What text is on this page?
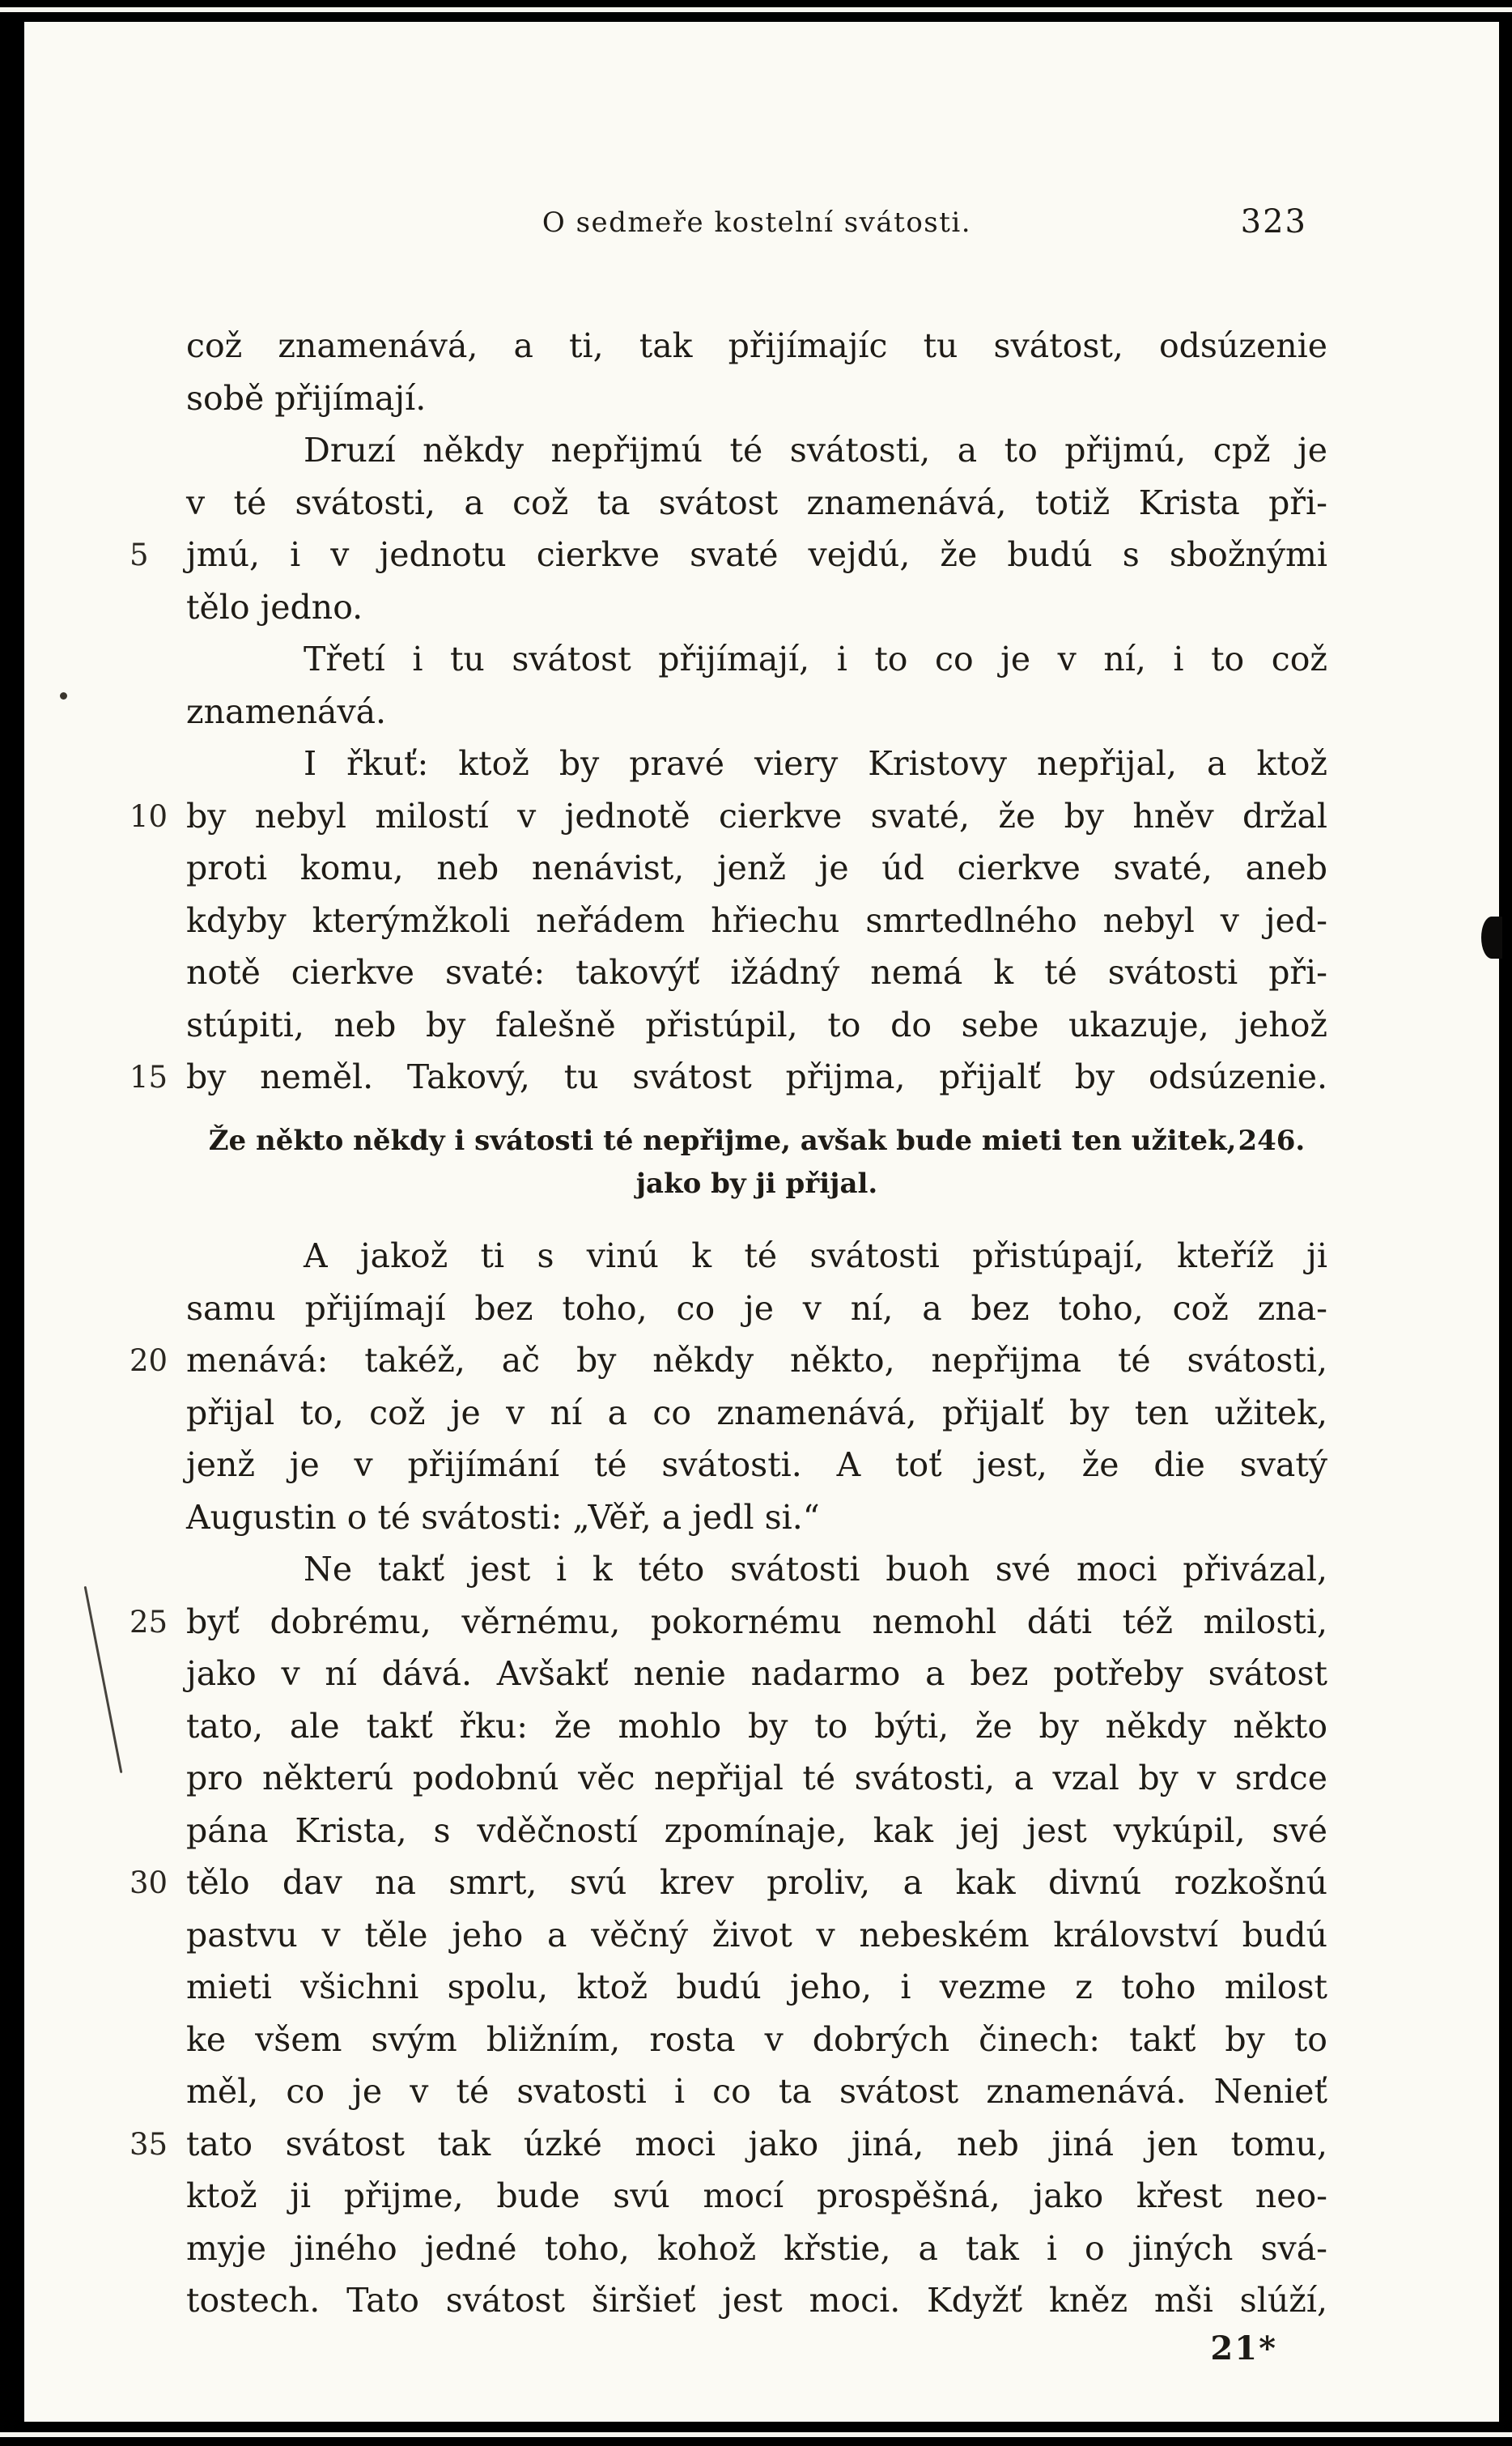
O sedmeře kostelní svátosti.	323
což znamenává, a ti, tak přijímajíc tu svátost, odsúzenie
sobě přijímají.
Druzí někdy nepřijmú té svátosti, a to přijmú, cpž je
v té svátosti, a což ta svátost znamenává, totiž Krista při-
5	jmú, i v jednotu cierkve svaté vejdú, že budú s sbožnými
tělo jedno.
Třetí i tu svátost přijímají, i to co je v ní, i to což
znamenává.
I řkuť: ktož by pravé viery Kristovy nepřijal, a ktož
10 by nebyl milostí v jednotě cierkve svaté, že by hněv držal
proti komu, neb nenávist, jenž je úd cierkve svaté, aneb
kdyby kterýmžkoli neřádem hřiechu smrtedlného nebyl v jed-
notě cierkve svaté: takovýť ižádný nemá k té svátosti při-
stúpiti, neb by falešně přistúpil, to do sebe ukazuje, jehož
15 by neměl. Takový, tu svátost přijma, přijalť by odsúzenie.
Že někto někdy i svátosti té nepřijme, avšak bude mieti ten užitek,246.
jako by ji přijal.
A jakož ti s vinú k té svátosti přistúpají, kteříž ji
samu přijímají bez toho, co je v ní, a bez toho, což zna-
20 menává: takéž, ač by někdy někto, nepřijma té svátosti,
přijal to, což je v ní a co znamenává, přijalť by ten užitek,
jenž je v přijímání té svátosti. A toť jest, že die svatý
Augustin o té svátosti: „Věř, a jedl si.“
Ne takť jest i k této svátosti buoh své moci přivázal,
25 byť dobrému, věrnému, pokornému nemohl dáti též milosti,
jako v ní dává. Avšakť nenie nadarmo a bez potřeby svátost
tato, ale takť řku: že mohlo by to býti, že by někdy někto
pro některú podobnú věc nepřijal té svátosti, a vzal by v srdce
pána Krista, s vděčností zpomínaje, kak jej jest vykúpil, své
30 tělo dav na smrt, svú krev proliv, a kak divnú rozkošnú
pastvu v těle jeho a věčný život v nebeském království budú
mieti všichni spolu, ktož budú jeho, i vezme z toho milost
ke všem svým bližním, rosta v dobrých činech: takť by to
měl, co je v té svatosti i co ta svátost znamenává. Nenieť
35 tato svátost tak úzké moci jako jiná, neb jiná jen tomu,
ktož ji přijme, bude svú mocí prospěšná, jako křest neo-
myje jiného jedné toho, kohož křstie, a tak i o jiných svá-
tostech. Tato svátost širšieť jest moci. Kdyžť kněz mši slúží,
21*
